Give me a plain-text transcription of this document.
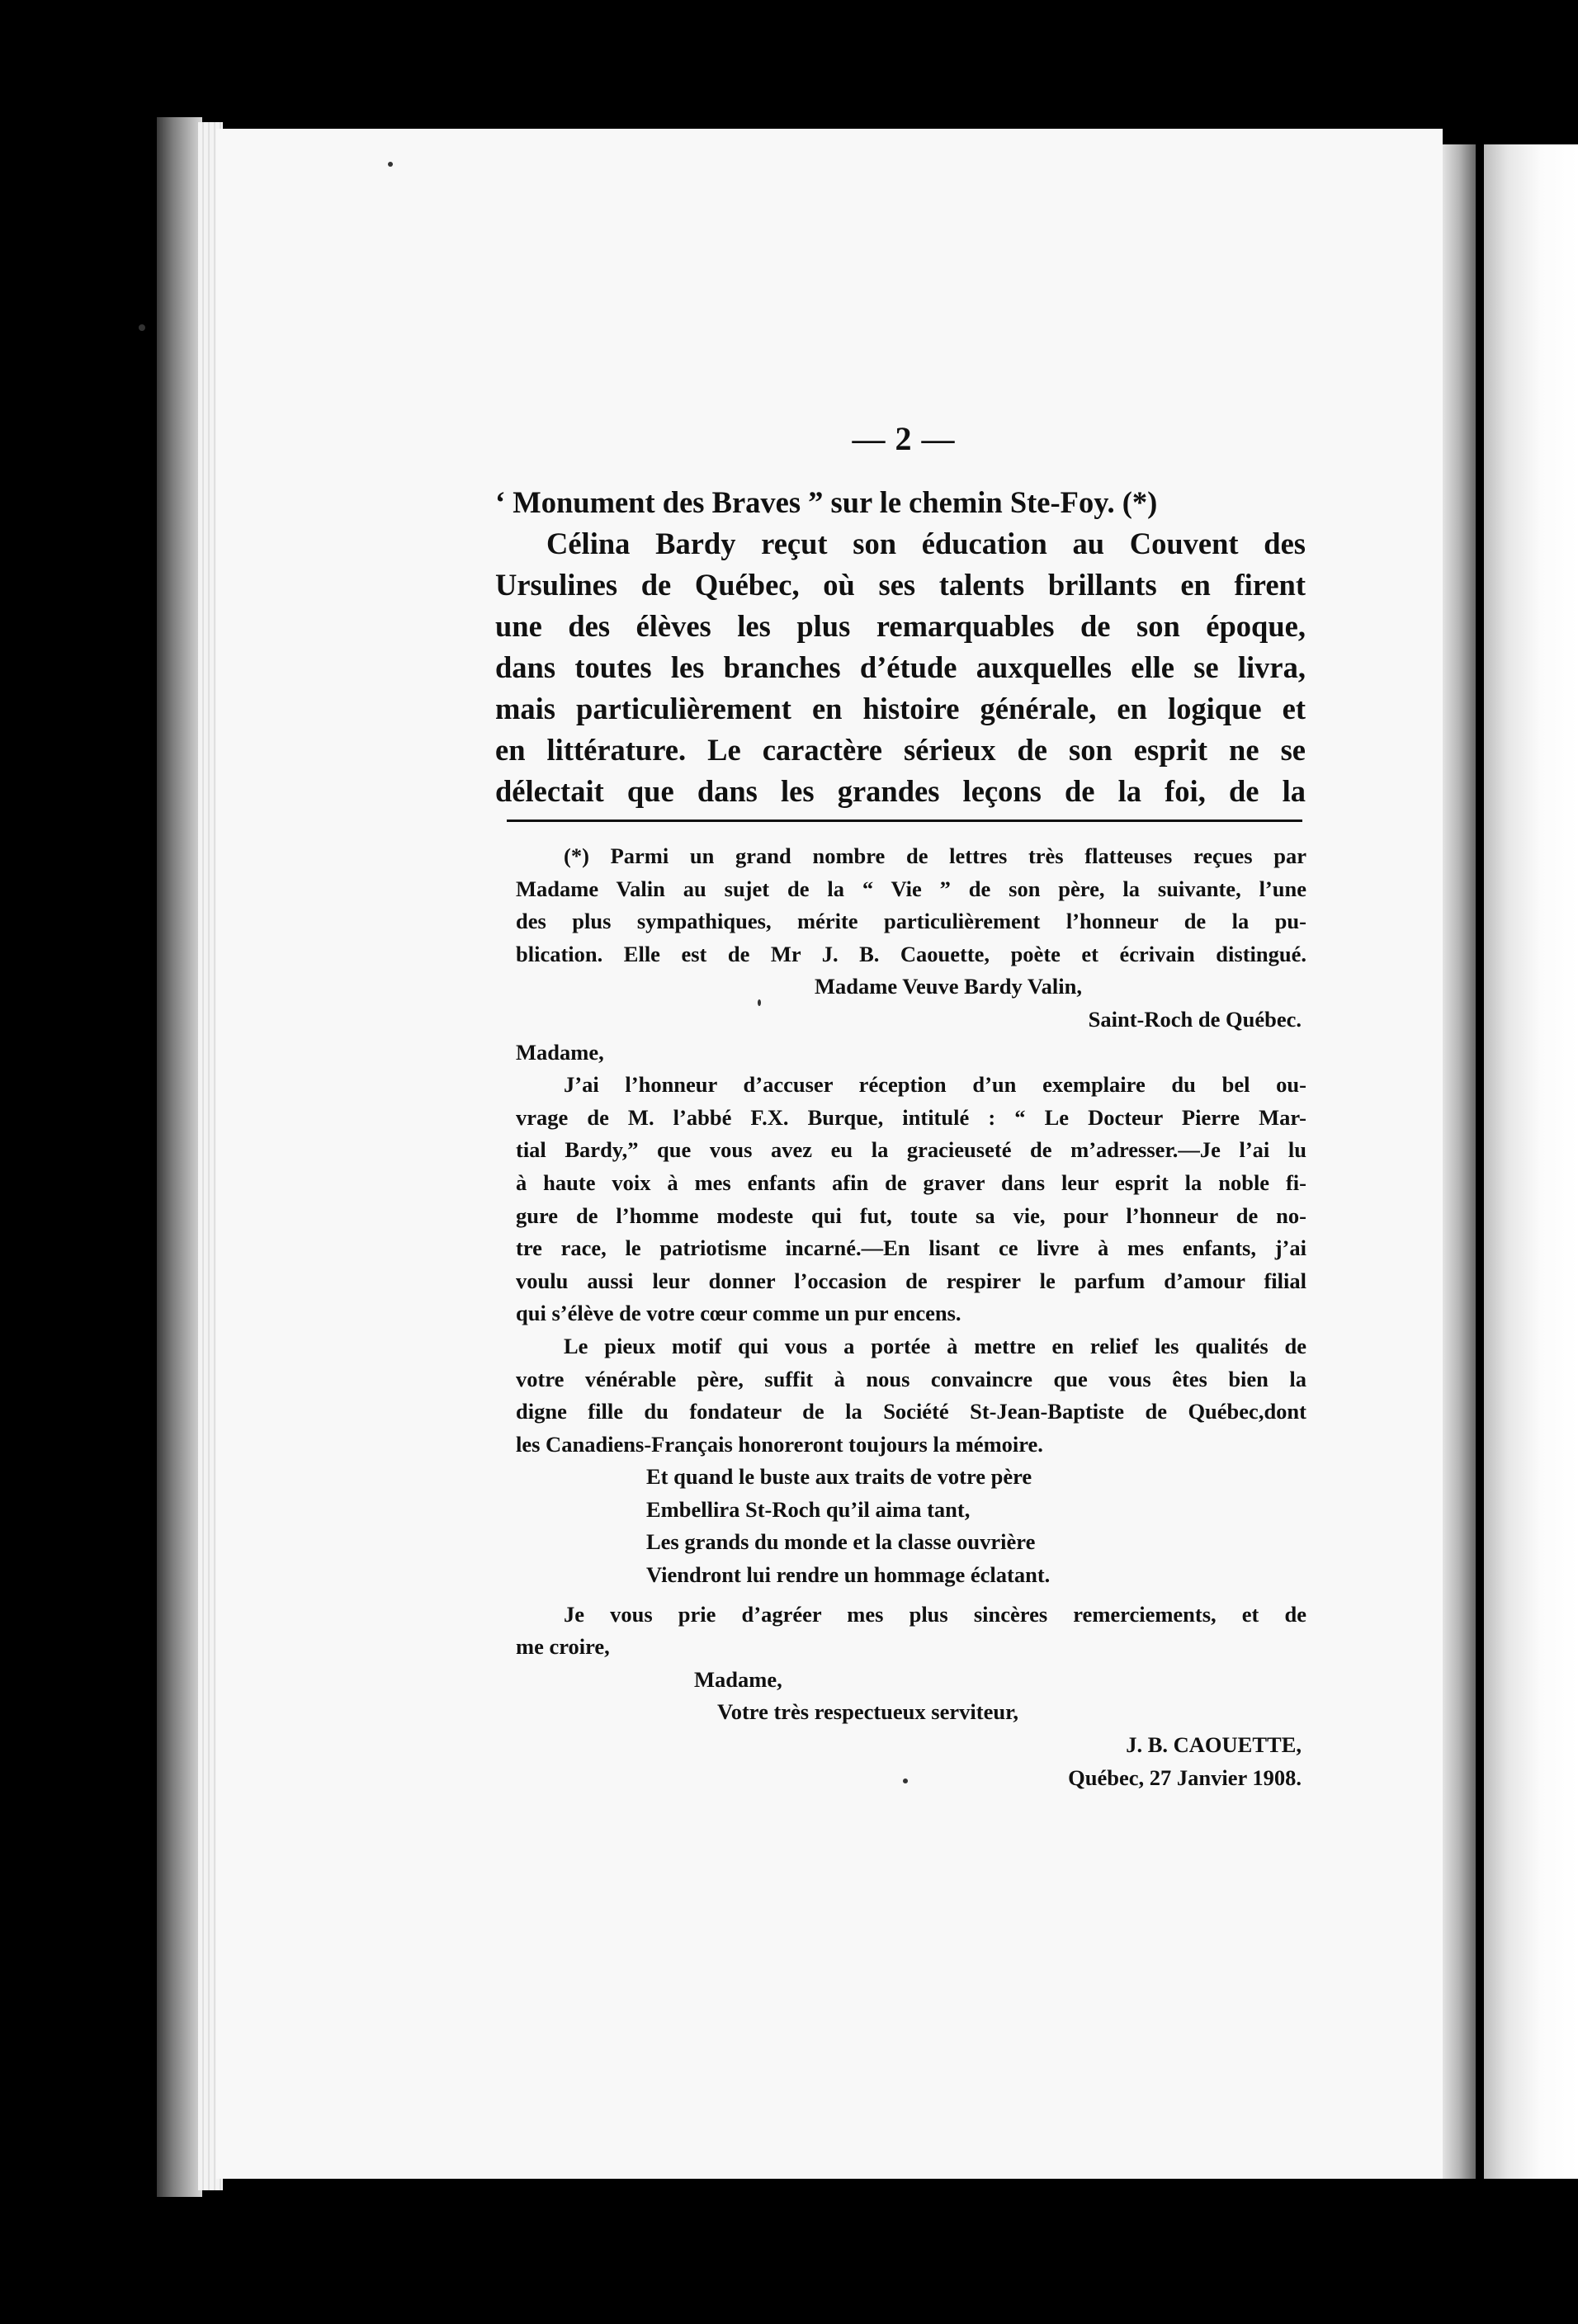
— 2 —
‘ Monument des Braves ” sur le chemin Ste-Foy. (*)
Célina Bardy reçut son éducation au Couvent des
Ursulines de Québec, où ses talents brillants en firent
une des élèves les plus remarquables de son époque,
dans toutes les branches d’étude auxquelles elle se livra,
mais particulièrement en histoire générale, en logique et
en littérature. Le caractère sérieux de son esprit ne se
délectait que dans les grandes leçons de la foi, de la
(*) Parmi un grand nombre de lettres très flatteuses reçues par
Madame Valin au sujet de la “ Vie ” de son père, la suivante, l’une
des plus sympathiques, mérite particulièrement l’honneur de la pu-
blication. Elle est de Mr J. B. Caouette, poète et écrivain distingué.
Madame Veuve Bardy Valin,
Saint-Roch de Québec.
Madame,
J’ai l’honneur d’accuser réception d’un exemplaire du bel ou-
vrage de M. l’abbé F.X. Burque, intitulé : “ Le Docteur Pierre Mar-
tial Bardy,” que vous avez eu la gracieuseté de m’adresser.—Je l’ai lu
à haute voix à mes enfants afin de graver dans leur esprit la noble fi-
gure de l’homme modeste qui fut, toute sa vie, pour l’honneur de no-
tre race, le patriotisme incarné.—En lisant ce livre à mes enfants, j’ai
voulu aussi leur donner l’occasion de respirer le parfum d’amour filial
qui s’élève de votre cœur comme un pur encens.
Le pieux motif qui vous a portée à mettre en relief les qualités de
votre vénérable père, suffit à nous convaincre que vous êtes bien la
digne fille du fondateur de la Société St-Jean-Baptiste de Québec,dont
les Canadiens-Français honoreront toujours la mémoire.
Et quand le buste aux traits de votre père
Embellira St-Roch qu’il aima tant,
Les grands du monde et la classe ouvrière
Viendront lui rendre un hommage éclatant.
Je vous prie d’agréer mes plus sincères remerciements, et de
me croire,
Madame,
Votre très respectueux serviteur,
J. B. CAOUETTE,
Québec, 27 Janvier 1908.
